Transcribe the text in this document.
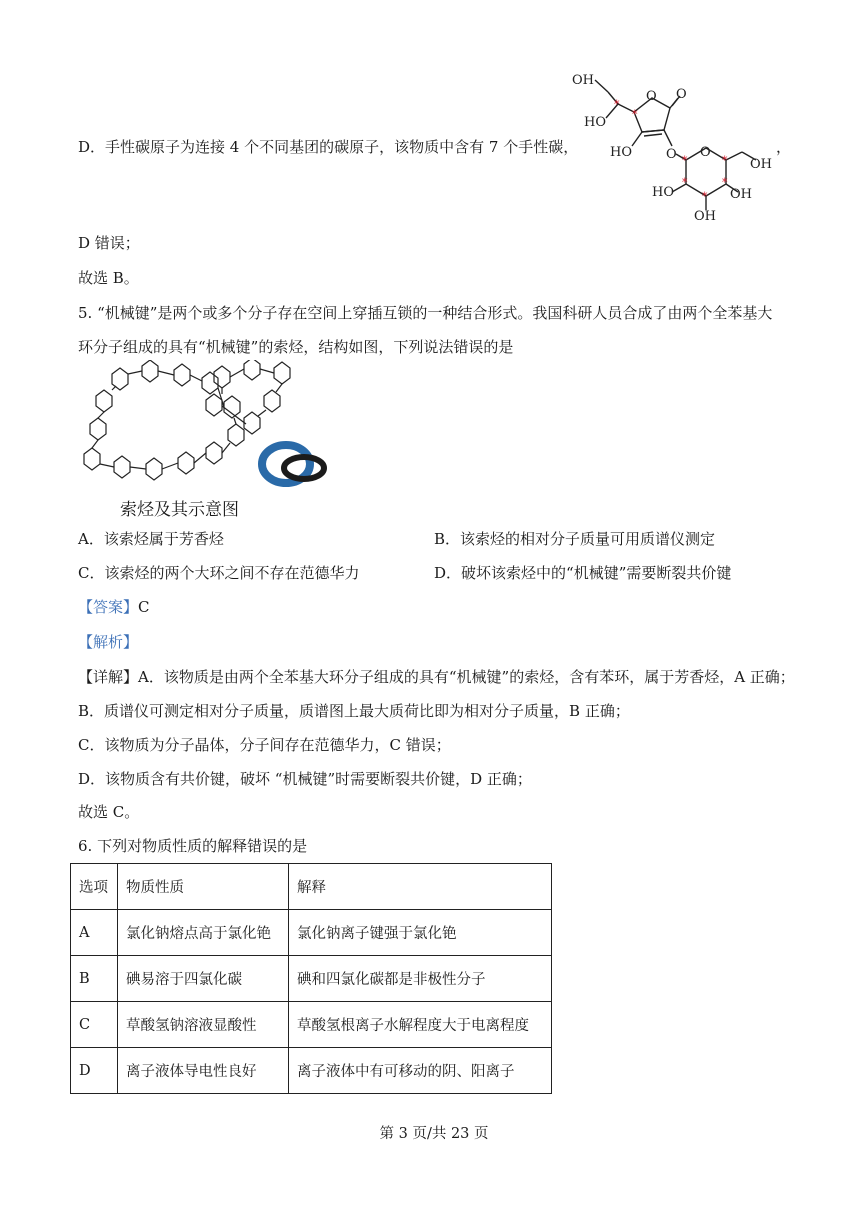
D．手性碳原子为连接 4 个不同基团的碳原子，该物质中含有 7 个手性碳，
OH
HO
O O
HO	O O
OH
HO
OH
OH
*
*
*
*
*
*
*
，
D 错误；
故选 B。
5. “机械键”是两个或多个分子存在空间上穿插互锁的一种结合形式。我国科研人员合成了由两个全苯基大
环分子组成的具有“机械键”的索烃，结构如图，下列说法错误的是
索烃及其示意图
A．该索烃属于芳香烃	B．该索烃的相对分子质量可用质谱仪测定
C．该索烃的两个大环之间不存在范德华力	D．破坏该索烃中的“机械键”需要断裂共价键
【答案】C
【解析】
【详解】A．该物质是由两个全苯基大环分子组成的具有“机械键”的索烃，含有苯环，属于芳香烃，A 正确；
B．质谱仪可测定相对分子质量，质谱图上最大质荷比即为相对分子质量，B 正确；
C．该物质为分子晶体，分子间存在范德华力，C 错误；
D．该物质含有共价键，破坏 “机械键”时需要断裂共价键，D 正确；
故选 C。
6. 下列对物质性质的解释错误的是
选项	物质性质	解释
A	氯化钠熔点高于氯化铯	氯化钠离子键强于氯化铯
B	碘易溶于四氯化碳	碘和四氯化碳都是非极性分子
C	草酸氢钠溶液显酸性	草酸氢根离子水解程度大于电离程度
D	离子液体导电性良好	离子液体中有可移动的阴、阳离子
第 3 页/共 23 页
